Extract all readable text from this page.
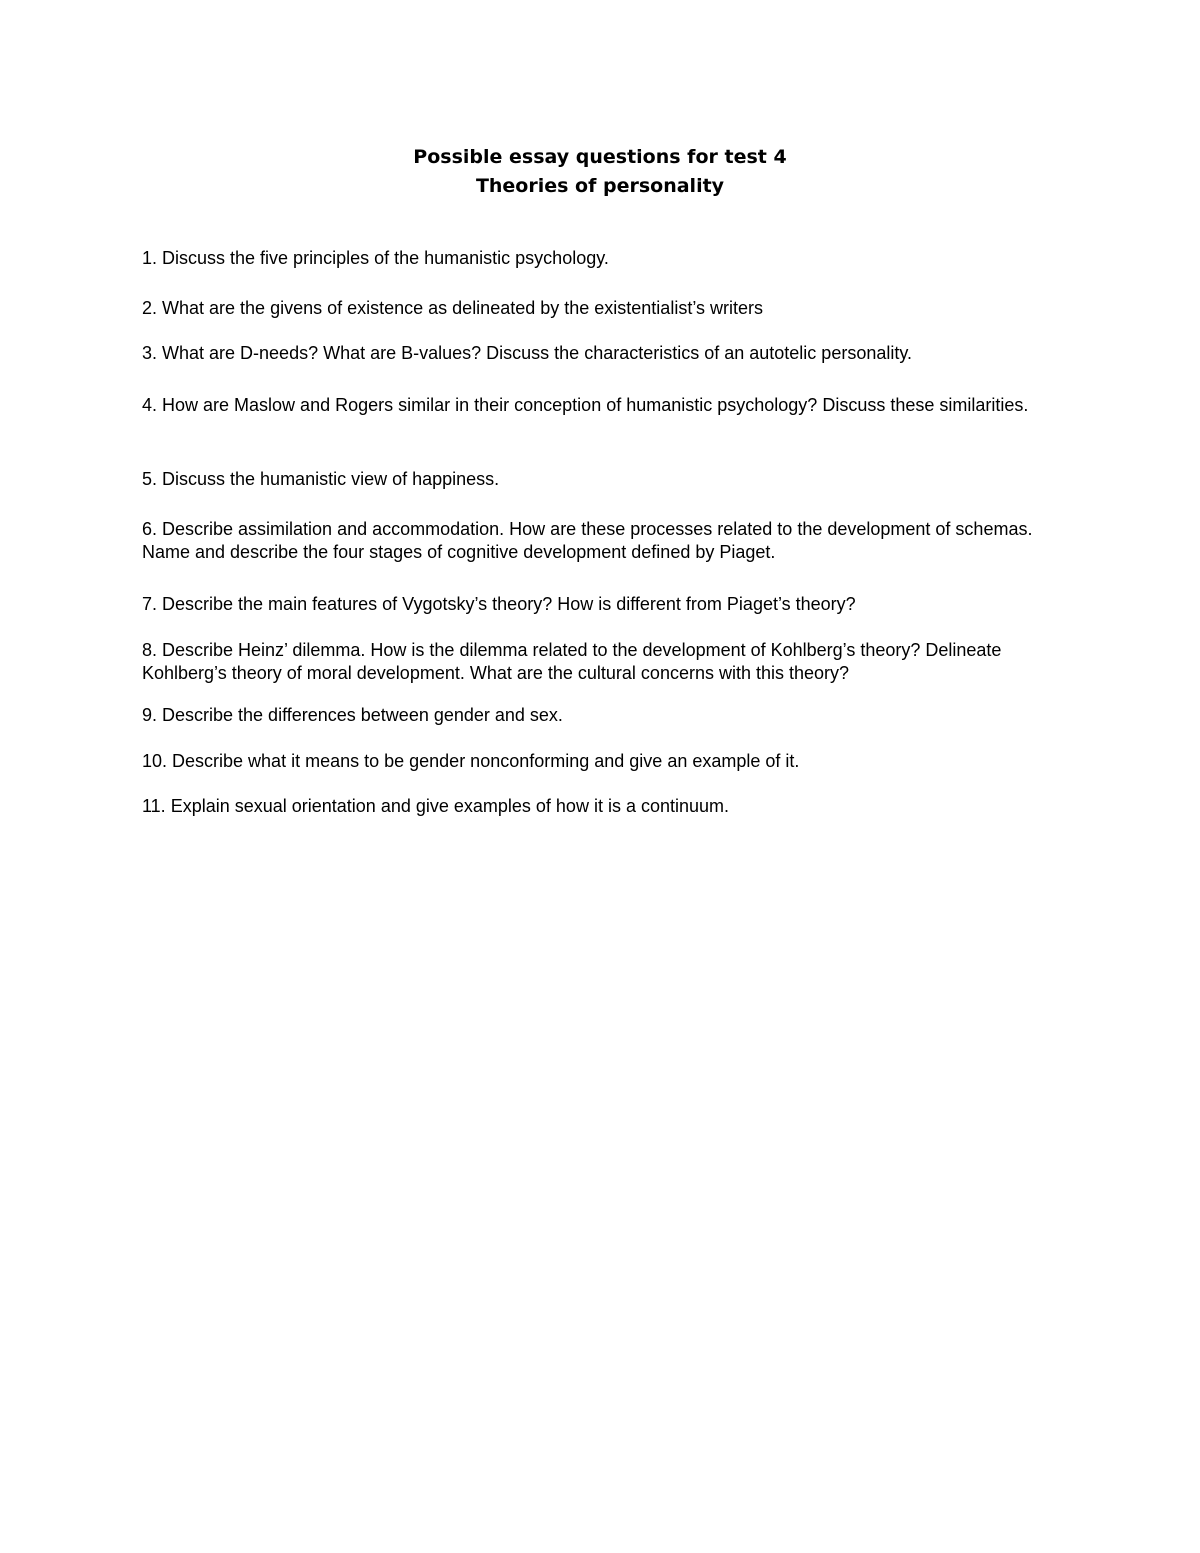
Possible essay questions for test 4
Theories of personality

1. Discuss the five principles of the humanistic psychology.

2. What are the givens of existence as delineated by the existentialist’s writers

3. What are D-needs? What are B-values? Discuss the characteristics of an autotelic personality.

4. How are Maslow and Rogers similar in their conception of humanistic psychology? Discuss these similarities.

5. Discuss the humanistic view of happiness.

6. Describe assimilation and accommodation. How are these processes related to the development of schemas. Name and describe the four stages of cognitive development defined by Piaget.

7. Describe the main features of Vygotsky’s theory? How is different from Piaget’s theory?

8. Describe Heinz’ dilemma. How is the dilemma related to the development of Kohlberg’s theory? Delineate Kohlberg’s theory of moral development. What are the cultural concerns with this theory?

9. Describe the differences between gender and sex.

10. Describe what it means to be gender nonconforming and give an example of it.

11. Explain sexual orientation and give examples of how it is a continuum.
